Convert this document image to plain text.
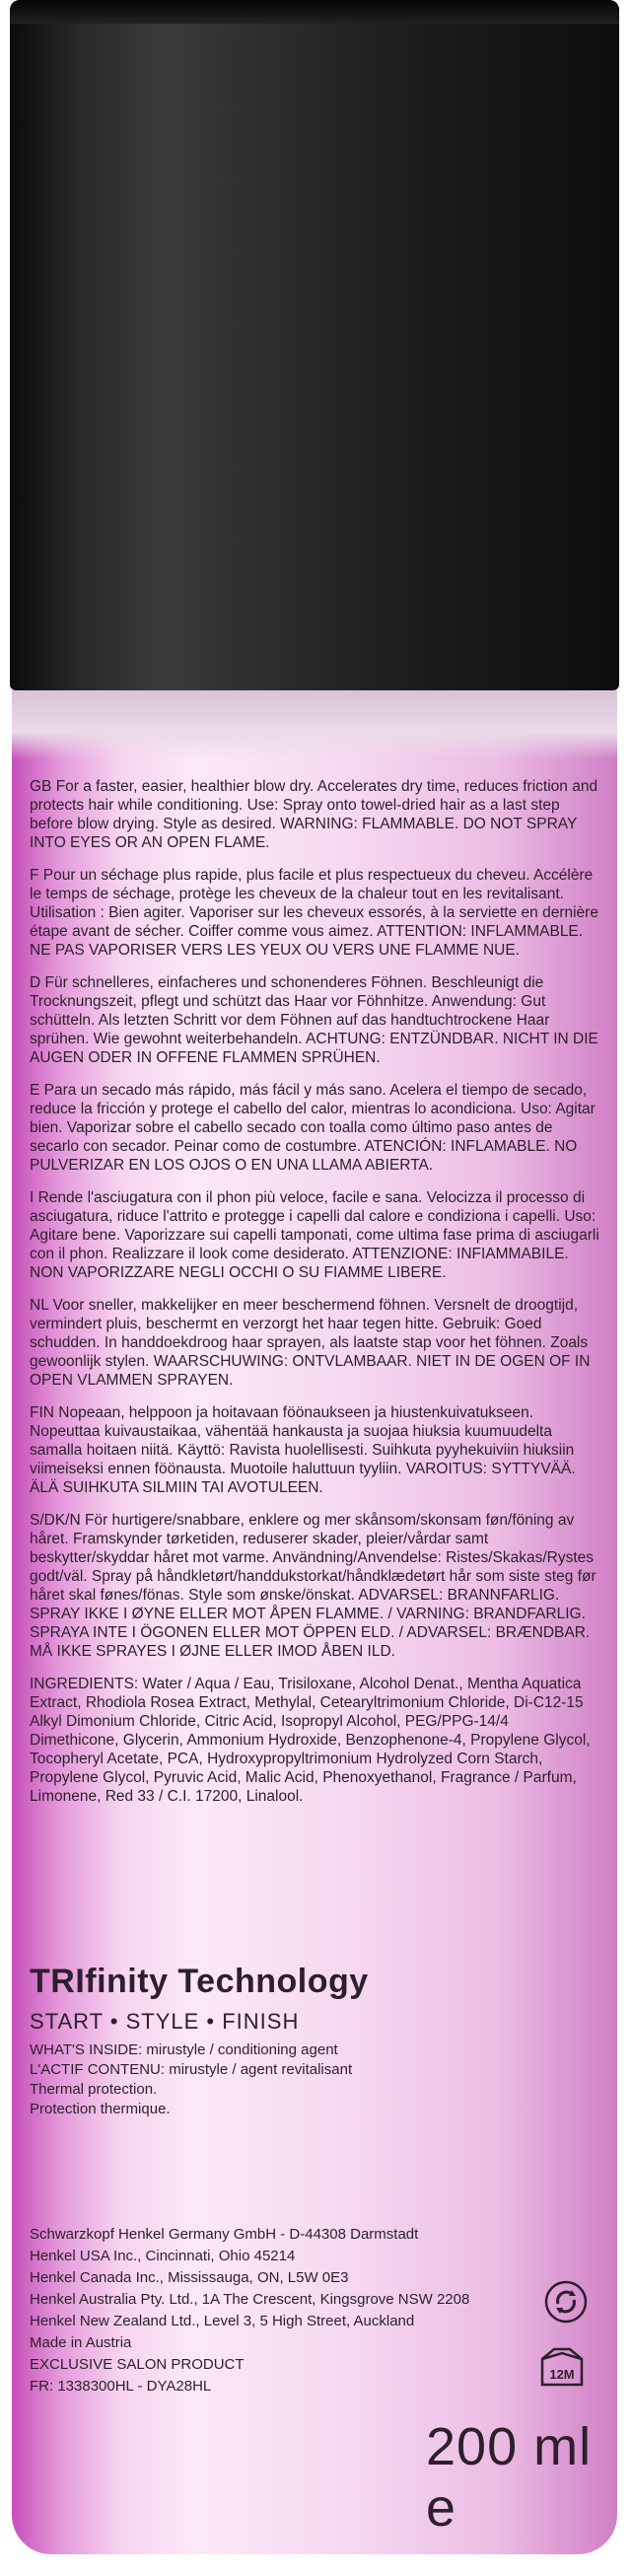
GB For a faster, easier, healthier blow dry. Accelerates dry time, reduces friction and protects hair while conditioning. Use: Spray onto towel-dried hair as a last step before blow drying. Style as desired. WARNING: FLAMMABLE. DO NOT SPRAY INTO EYES OR AN OPEN FLAME.

F Pour un séchage plus rapide, plus facile et plus respectueux du cheveu. Accélère le temps de séchage, protège les cheveux de la chaleur tout en les revitalisant. Utilisation : Bien agiter. Vaporiser sur les cheveux essorés, à la serviette en dernière étape avant de sécher. Coiffer comme vous aimez. ATTENTION: INFLAMMABLE. NE PAS VAPORISER VERS LES YEUX OU VERS UNE FLAMME NUE.

D Für schnelleres, einfacheres und schonenderes Föhnen. Beschleunigt die Trocknungszeit, pflegt und schützt das Haar vor Föhnhitze. Anwendung: Gut schütteln. Als letzten Schritt vor dem Föhnen auf das handtuchtrockene Haar sprühen. Wie gewohnt weiterbehandeln. ACHTUNG: ENTZÜNDBAR. NICHT IN DIE AUGEN ODER IN OFFENE FLAMMEN SPRÜHEN.

E Para un secado más rápido, más fácil y más sano. Acelera el tiempo de secado, reduce la fricción y protege el cabello del calor, mientras lo acondiciona. Uso: Agitar bien. Vaporizar sobre el cabello secado con toalla como último paso antes de secarlo con secador. Peinar como de costumbre. ATENCIÓN: INFLAMABLE. NO PULVERIZAR EN LOS OJOS O EN UNA LLAMA ABIERTA.

I Rende l'asciugatura con il phon più veloce, facile e sana. Velocizza il processo di asciugatura, riduce l'attrito e protegge i capelli dal calore e condiziona i capelli. Uso: Agitare bene. Vaporizzare sui capelli tamponati, come ultima fase prima di asciugarli con il phon. Realizzare il look come desiderato. ATTENZIONE: INFIAMMABILE. NON VAPORIZZARE NEGLI OCCHI O SU FIAMME LIBERE.

NL Voor sneller, makkelijker en meer beschermend föhnen. Versnelt de droogtijd, vermindert pluis, beschermt en verzorgt het haar tegen hitte. Gebruik: Goed schudden. In handdoekdroog haar sprayen, als laatste stap voor het föhnen. Zoals gewoonlijk stylen. WAARSCHUWING: ONTVLAMBAAR. NIET IN DE OGEN OF IN OPEN VLAMMEN SPRAYEN.

FIN Nopeaan, helppoon ja hoitavaan föönaukseen ja hiustenkuivatukseen. Nopeuttaa kuivaustaikaa, vähentää hankausta ja suojaa hiuksia kuumuudelta samalla hoitaen niitä. Käyttö: Ravista huolellisesti. Suihkuta pyyhekuiviin hiuksiin viimeiseksi ennen föönausta. Muotoile haluttuun tyyliin. VAROITUS: SYTTYVÄÄ. ÄLÄ SUIHKUTA SILMIIN TAI AVOTULEEN.

S/DK/N För hurtigere/snabbare, enklere og mer skånsom/skonsam føn/föning av håret. Framskynder tørketiden, reduserer skader, pleier/vårdar samt beskytter/skyddar håret mot varme. Användning/Anvendelse: Ristes/Skakas/Rystes godt/väl. Spray på håndkletørt/handdukstorkat/håndklædetørt hår som siste steg før håret skal fønes/fönas. Style som ønske/önskat. ADVARSEL: BRANNFARLIG. SPRAY IKKE I ØYNE ELLER MOT ÅPEN FLAMME. / VARNING: BRANDFARLIG. SPRAYA INTE I ÖGONEN ELLER MOT ÖPPEN ELD. / ADVARSEL: BRÆNDBAR. MÅ IKKE SPRAYES I ØJNE ELLER IMOD ÅBEN ILD.

INGREDIENTS: Water / Aqua / Eau, Trisiloxane, Alcohol Denat., Mentha Aquatica Extract, Rhodiola Rosea Extract, Methylal, Cetearyltrimonium Chloride, Di-C12-15 Alkyl Dimonium Chloride, Citric Acid, Isopropyl Alcohol, PEG/PPG-14/4 Dimethicone, Glycerin, Ammonium Hydroxide, Benzophenone-4, Propylene Glycol, Tocopheryl Acetate, PCA, Hydroxypropyltrimonium Hydrolyzed Corn Starch, Propylene Glycol, Pyruvic Acid, Malic Acid, Phenoxyethanol, Fragrance / Parfum, Limonene, Red 33 / C.I. 17200, Linalool.

TRIfinity Technology
START • STYLE • FINISH

WHAT'S INSIDE: mirustyle / conditioning agent

L'ACTIF CONTENU: mirustyle / agent revitalisant

Thermal protection.

Protection thermique.

Schwarzkopf Henkel Germany GmbH - D-44308 Darmstadt
Henkel USA Inc., Cincinnati, Ohio 45214
Henkel Canada Inc., Mississauga, ON, L5W 0E3
Henkel Australia Pty. Ltd., 1A The Crescent, Kingsgrove NSW 2208
Henkel New Zealand Ltd., Level 3, 5 High Street, Auckland
Made in Austria
EXCLUSIVE SALON PRODUCT
FR: 1338300HL - DYA28HL
12M
200 ml e
